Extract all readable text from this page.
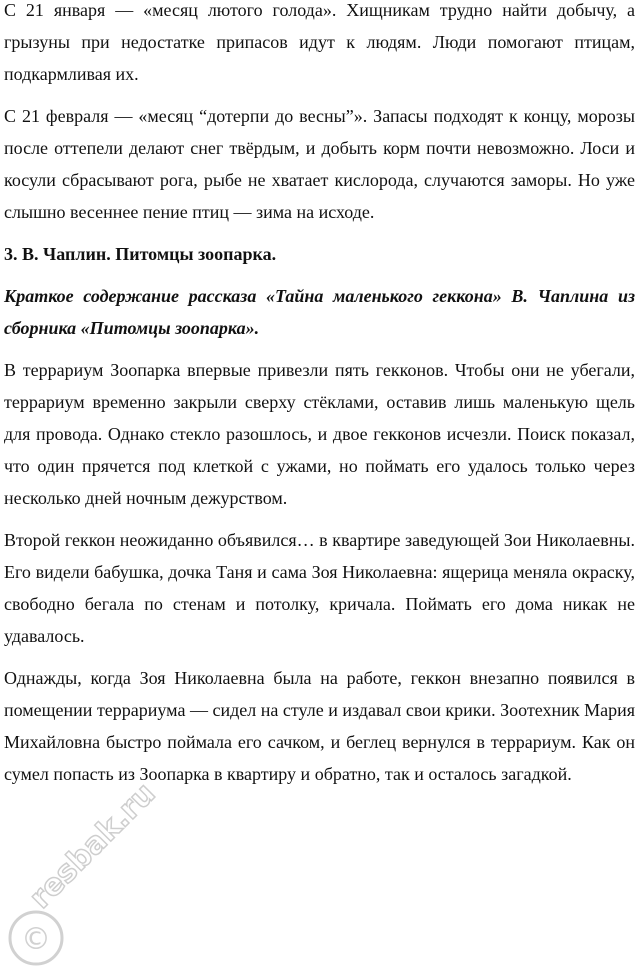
С 21 января — «месяц лютого голода». Хищникам трудно найти добычу, а грызуны при недостатке припасов идут к людям. Люди помогают птицам, подкармливая их.

С 21 февраля — «месяц “дотерпи до весны”». Запасы подходят к концу, морозы после оттепели делают снег твёрдым, и добыть корм почти невозможно. Лоси и косули сбрасывают рога, рыбе не хватает кислорода, случаются заморы. Но уже слышно весеннее пение птиц — зима на исходе.

3. В. Чаплин. Питомцы зоопарка.

Краткое содержание рассказа «Тайна маленького геккона» В. Чаплина из сборника «Питомцы зоопарка».

В террариум Зоопарка впервые привезли пять гекконов. Чтобы они не убегали, террариум временно закрыли сверху стёклами, оставив лишь маленькую щель для провода. Однако стекло разошлось, и двое гекконов исчезли. Поиск показал, что один прячется под клеткой с ужами, но поймать его удалось только через несколько дней ночным дежурством.

Второй геккон неожиданно объявился… в квартире заведующей Зои Николаевны. Его видели бабушка, дочка Таня и сама Зоя Николаевна: ящерица меняла окраску, свободно бегала по стенам и потолку, кричала. Поймать его дома никак не удавалось.

Однажды, когда Зоя Николаевна была на работе, геккон внезапно появился в помещении террариума — сидел на стуле и издавал свои крики. Зоотехник Мария Михайловна быстро поймала его сачком, и беглец вернулся в террариум. Как он сумел попасть из Зоопарка в квартиру и обратно, так и осталось загадкой.

©
resbak.ru
